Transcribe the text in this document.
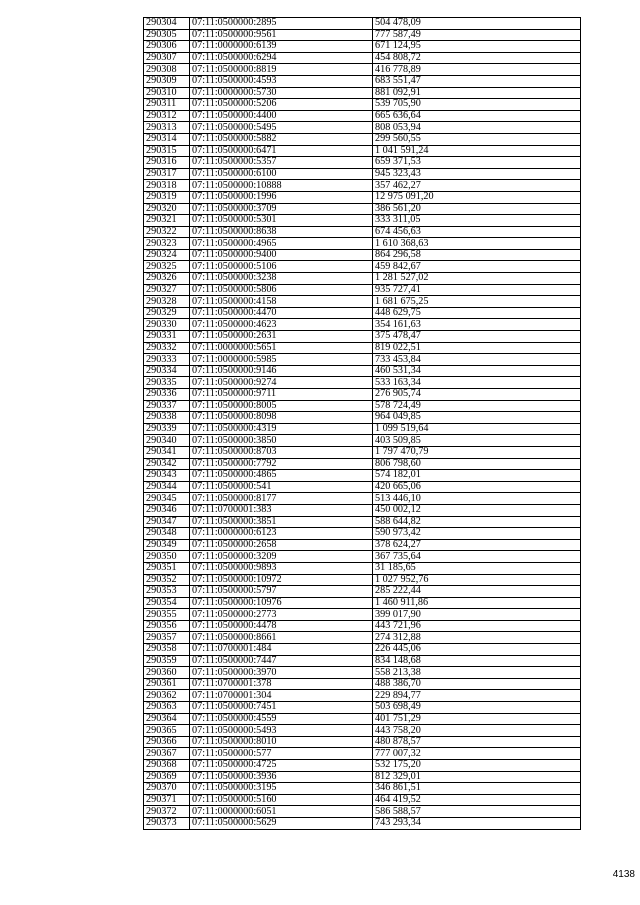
290304	07:11:0500000:2895	504 478,09
290305	07:11:0500000:9561	777 587,49
290306	07:11:0000000:6139	671 124,95
290307	07:11:0500000:6294	454 808,72
290308	07:11:0500000:8819	416 778,89
290309	07:11:0500000:4593	683 551,47
290310	07:11:0000000:5730	881 092,91
290311	07:11:0500000:5206	539 705,90
290312	07:11:0500000:4400	665 636,64
290313	07:11:0500000:5495	808 053,94
290314	07:11:0500000:5882	299 560,55
290315	07:11:0500000:6471	1 041 591,24
290316	07:11:0500000:5357	659 371,53
290317	07:11:0500000:6100	945 323,43
290318	07:11:0500000:10888	357 462,27
290319	07:11:0500000:1996	12 975 091,20
290320	07:11:0500000:3709	386 561,20
290321	07:11:0500000:5301	333 311,05
290322	07:11:0500000:8638	674 456,63
290323	07:11:0500000:4965	1 610 368,63
290324	07:11:0500000:9400	864 296,58
290325	07:11:0500000:5106	459 842,67
290326	07:11:0500000:3238	1 281 527,02
290327	07:11:0500000:5806	935 727,41
290328	07:11:0500000:4158	1 681 675,25
290329	07:11:0500000:4470	448 629,75
290330	07:11:0500000:4623	354 161,63
290331	07:11:0500000:2631	375 478,47
290332	07:11:0000000:5651	819 022,51
290333	07:11:0000000:5985	733 453,84
290334	07:11:0500000:9146	460 531,34
290335	07:11:0500000:9274	533 163,34
290336	07:11:0500000:9711	276 905,74
290337	07:11:0500000:8005	578 724,49
290338	07:11:0500000:8098	964 049,85
290339	07:11:0500000:4319	1 099 519,64
290340	07:11:0500000:3850	403 509,85
290341	07:11:0500000:8703	1 797 470,79
290342	07:11:0500000:7792	806 798,60
290343	07:11:0500000:4865	574 182,01
290344	07:11:0500000:541	420 665,06
290345	07:11:0500000:8177	513 446,10
290346	07:11:0700001:383	450 002,12
290347	07:11:0500000:3851	588 644,82
290348	07:11:0000000:6123	590 973,42
290349	07:11:0500000:2658	378 624,27
290350	07:11:0500000:3209	367 735,64
290351	07:11:0500000:9893	31 185,65
290352	07:11:0500000:10972	1 027 952,76
290353	07:11:0500000:5797	285 222,44
290354	07:11:0500000:10976	1 460 911,86
290355	07:11:0500000:2773	399 017,90
290356	07:11:0500000:4478	443 721,96
290357	07:11:0500000:8661	274 312,88
290358	07:11:0700001:484	226 445,06
290359	07:11:0500000:7447	834 148,68
290360	07:11:0500000:3970	558 213,38
290361	07:11:0700001:378	488 386,70
290362	07:11:0700001:304	229 894,77
290363	07:11:0500000:7451	503 698,49
290364	07:11:0500000:4559	401 751,29
290365	07:11:0500000:5493	443 758,20
290366	07:11:0500000:8010	480 878,57
290367	07:11:0500000:577	777 007,32
290368	07:11:0500000:4725	532 175,20
290369	07:11:0500000:3936	812 329,01
290370	07:11:0500000:3195	346 861,51
290371	07:11:0500000:5160	464 419,52
290372	07:11:0000000:6051	586 588,57
290373	07:11:0500000:5629	743 293,34
4138
